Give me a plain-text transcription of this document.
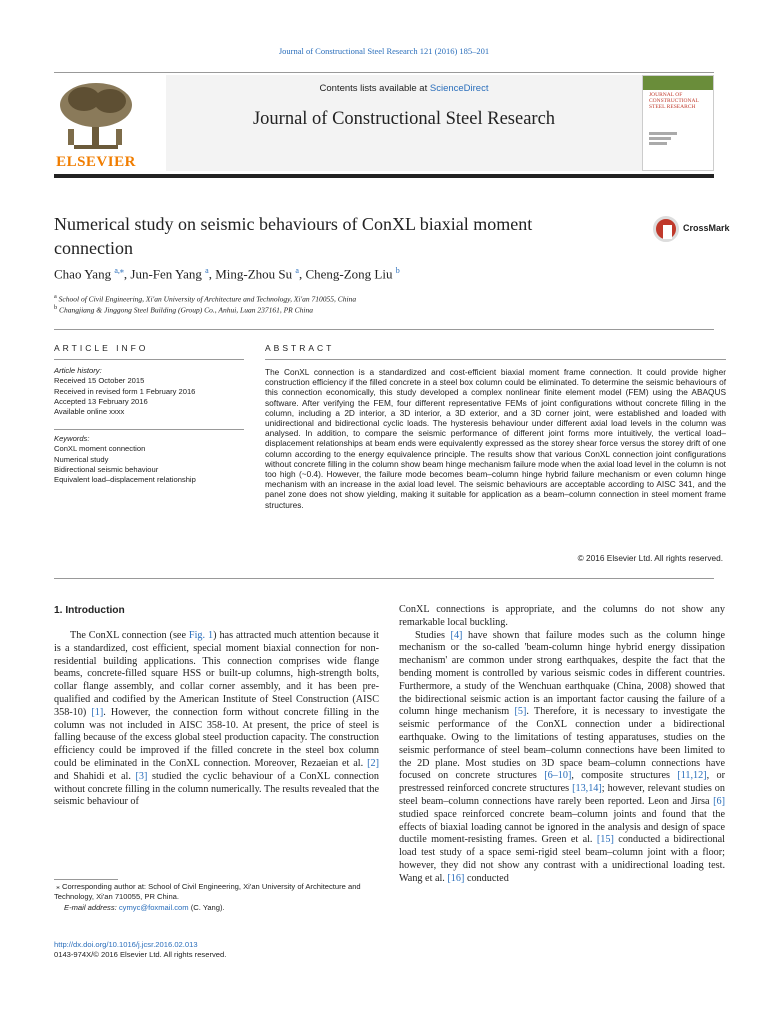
Journal of Constructional Steel Research 121 (2016) 185–201
ELSEVIER
Contents lists available at ScienceDirect
Journal of Constructional Steel Research
JOURNAL OF CONSTRUCTIONAL STEEL RESEARCH
Numerical study on seismic behaviours of ConXL biaxial moment connection
CrossMark
Chao Yang $^{a,⁎}$, Jun-Fen Yang $^a$, Ming-Zhou Su $^a$, Cheng-Zong Liu $^b$
$^a$ School of Civil Engineering, Xi'an University of Architecture and Technology, Xi'an 710055, China
$^b$ Changjiang & Jinggong Steel Building (Group) Co., Anhui, Luan 237161, PR China
ARTICLE INFO
Article history:
Received 15 October 2015
Received in revised form 1 February 2016
Accepted 13 February 2016
Available online xxxx
Keywords:
ConXL moment connection
Numerical study
Bidirectional seismic behaviour
Equivalent load–displacement relationship
ABSTRACT
The ConXL connection is a standardized and cost-efficient biaxial moment frame connection. It could provide higher construction efficiency if the filled concrete in a steel box column could be eliminated. To determine the seismic behaviours of this connection economically, this study developed a complex nonlinear finite element model (FEM) using the ABAQUS software. After verifying the FEM, four different representative FEMs of joint configurations without concrete filling in the column, including a 2D interior, a 3D interior, a 3D exterior, and a 3D corner joint, were established and loaded with unidirectional and bidirectional cyclic loads. The hysteresis behaviour under different axial load levels in the column was analysed. In addition, to compare the seismic performance of different joint forms more intuitively, the vertical load–displacement relationships at beam ends were equivalently expressed as the storey shear force versus the storey drift of one column according to the energy equivalence principle. The results show that various ConXL connection joint configurations without concrete filling in the column show beam hinge mechanism failure mode when the axial load level in the column is not too high (~0.4). However, the failure mode becomes beam–column hinge hybrid failure mechanism or even column hinge mechanism with an increase in the axial load level. The seismic behaviours are acceptable according to AISC 341, and the panel zone does not show yielding, making it suitable for application as a beam–column connection in steel moment frame structures.
© 2016 Elsevier Ltd. All rights reserved.
1. Introduction

The ConXL connection (see Fig. 1) has attracted much attention because it is a standardized, cost efficient, special moment biaxial connection for non-residential building applications. This connection comprises wide flange beams, concrete-filled square HSS or built-up columns, high-strength bolts, collar flange assembly, and collar corner assembly, and it has been pre-qualified and codified by the American Institute of Steel Construction (AISC 358-10) [1]. However, the connection form without concrete filling in the column was not included in AISC 358-10. At present, the price of steel is falling because of the excess global steel production capacity. The construction efficiency could be improved if the filled concrete in the steel box column could be eliminated in the ConXL connection. Moreover, Rezaeian et al. [2] and Shahidi et al. [3] studied the cyclic behaviour of a ConXL connection without concrete filling in the column numerically. The results revealed that the seismic behaviour of

ConXL connections is appropriate, and the columns do not show any remarkable local buckling.

Studies [4] have shown that failure modes such as the column hinge mechanism or the so-called 'beam-column hinge hybrid energy dissipation mechanism' are common under strong earthquakes, despite the fact that the bending moment is controlled by various seismic codes in different countries. Furthermore, a study of the Wenchuan earthquake (China, 2008) showed that the bidirectional seismic action is an important factor causing the failure of a column hinge mechanism [5]. Therefore, it is necessary to investigate the seismic performance of the ConXL connection under a bidirectional earthquake. Owing to the limitations of testing apparatuses, studies on the seismic performance of steel beam–column connections have been limited to the 2D plane. Most studies on 3D space beam–column connections have focused on concrete structures [6–10], composite structures [11,12], or prestressed reinforced concrete structures [13,14]; however, relevant studies on steel beam–column connections have rarely been reported. Leon and Jirsa [6] studied space reinforced concrete beam–column joints and found that the effects of biaxial loading cannot be ignored in the analysis and design of space ductile moment-resisting frames. Green et al. [15] conducted a bidirectional load test study of a space semi-rigid steel beam–column joint with a floor; however, they did not show any contrast with a unidirectional loading test. Wang et al. [16] conducted

⁎ Corresponding author at: School of Civil Engineering, Xi'an University of Architecture and Technology, Xi'an 710055, PR China.
E-mail address: cymyc@foxmail.com (C. Yang).
http://dx.doi.org/10.1016/j.jcsr.2016.02.013
0143-974X/© 2016 Elsevier Ltd. All rights reserved.
